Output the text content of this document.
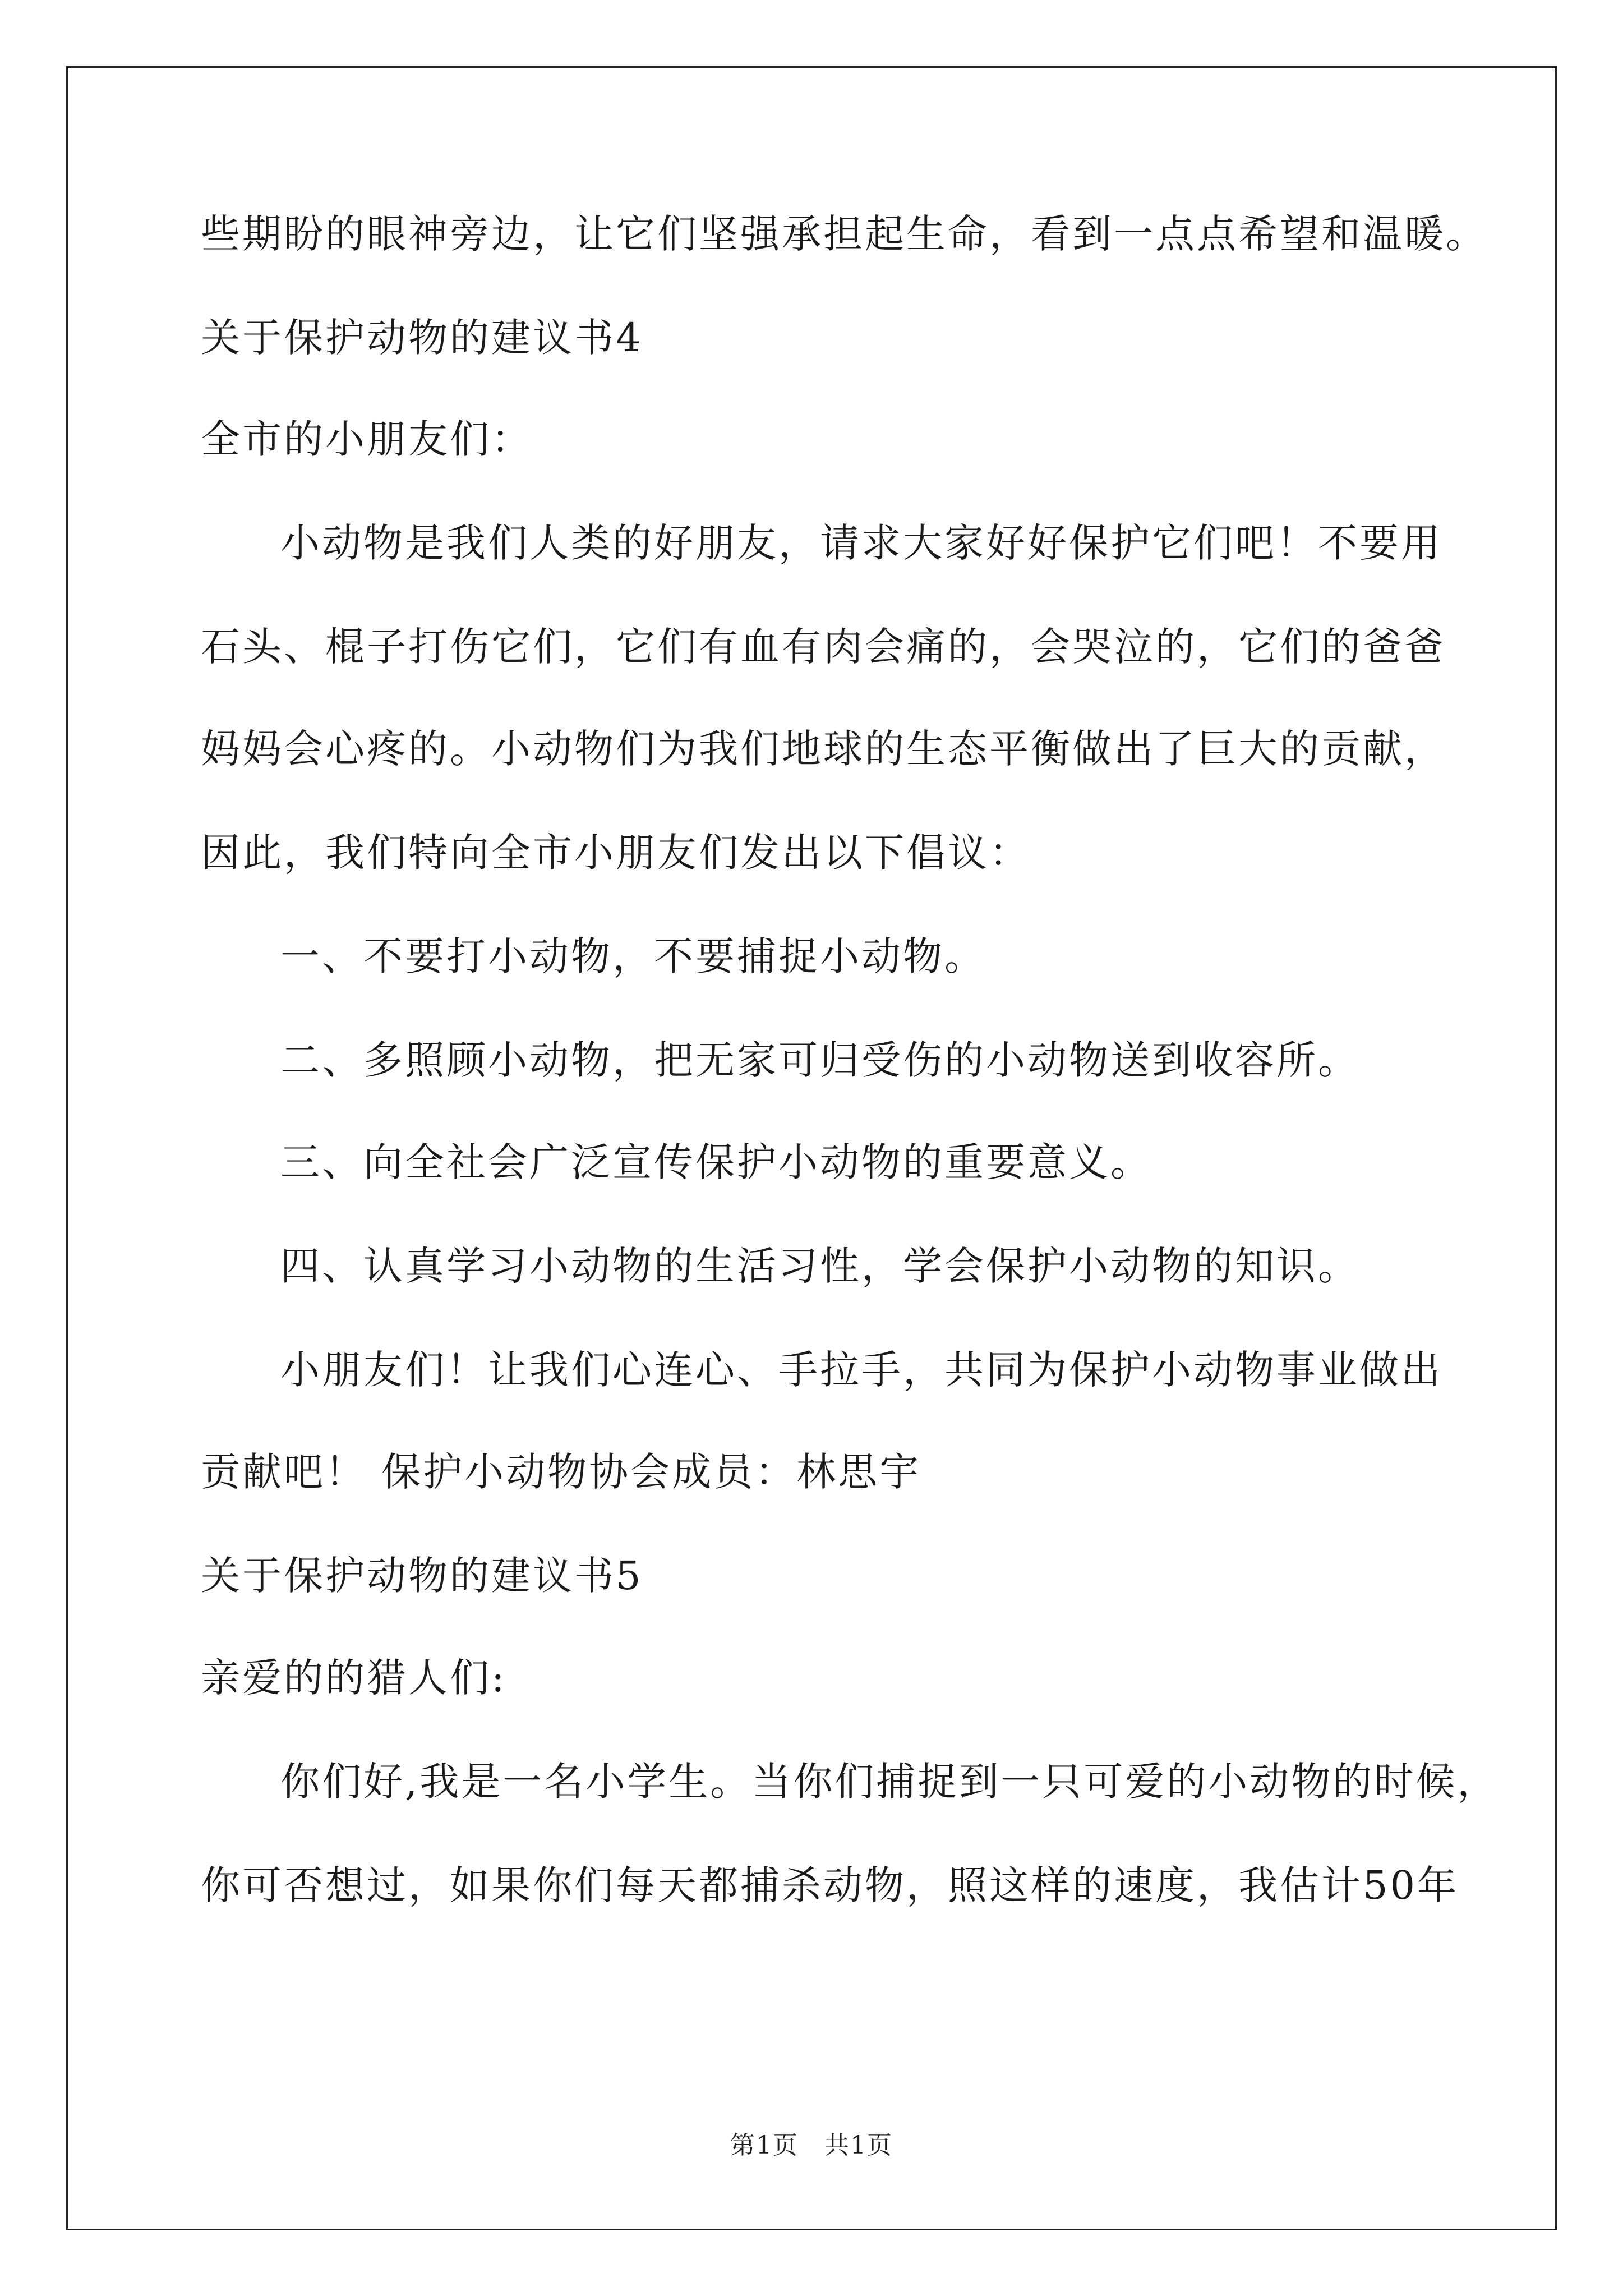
些期盼的眼神旁边，让它们坚强承担起生命，看到一点点希望和温暖。
关于保护动物的建议书4
全市的小朋友们：
小动物是我们人类的好朋友，请求大家好好保护它们吧！不要用
石头、棍子打伤它们，它们有血有肉会痛的，会哭泣的，它们的爸爸
妈妈会心疼的。小动物们为我们地球的生态平衡做出了巨大的贡献，
因此，我们特向全市小朋友们发出以下倡议：
一、不要打小动物，不要捕捉小动物。
二、多照顾小动物，把无家可归受伤的小动物送到收容所。
三、向全社会广泛宣传保护小动物的重要意义。
四、认真学习小动物的生活习性，学会保护小动物的知识。
小朋友们！让我们心连心、手拉手，共同为保护小动物事业做出
贡献吧！ 保护小动物协会成员：林思宇
关于保护动物的建议书5
亲爱的的猎人们:
你们好,我是一名小学生。当你们捕捉到一只可爱的小动物的时候，
你可否想过，如果你们每天都捕杀动物，照这样的速度，我估计50年
第1页　共1页
